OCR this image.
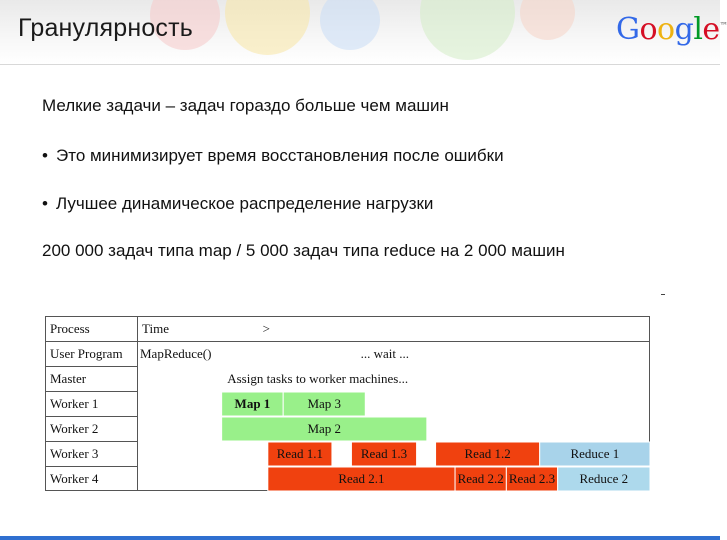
Гранулярность	Google™
Мелкие задачи – задач гораздо больше чем машин
• Это минимизирует время восстановления после ошибки
• Лучшее динамическое распределение нагрузки
200 000 задач типа map / 5 000 задач типа reduce на 2 000 машин
Process	Time	>
User Program MapReduce()	... wait ...
Master	Assign tasks to worker machines...
Worker 1	Map 1	Map 3
Worker 2	Map 2
Worker 3	Read 1.1	Read 1.3	Read 1.2	Reduce 1
Worker 4	Read 2.1	Read 2.2 Read 2.3 Reduce 2
